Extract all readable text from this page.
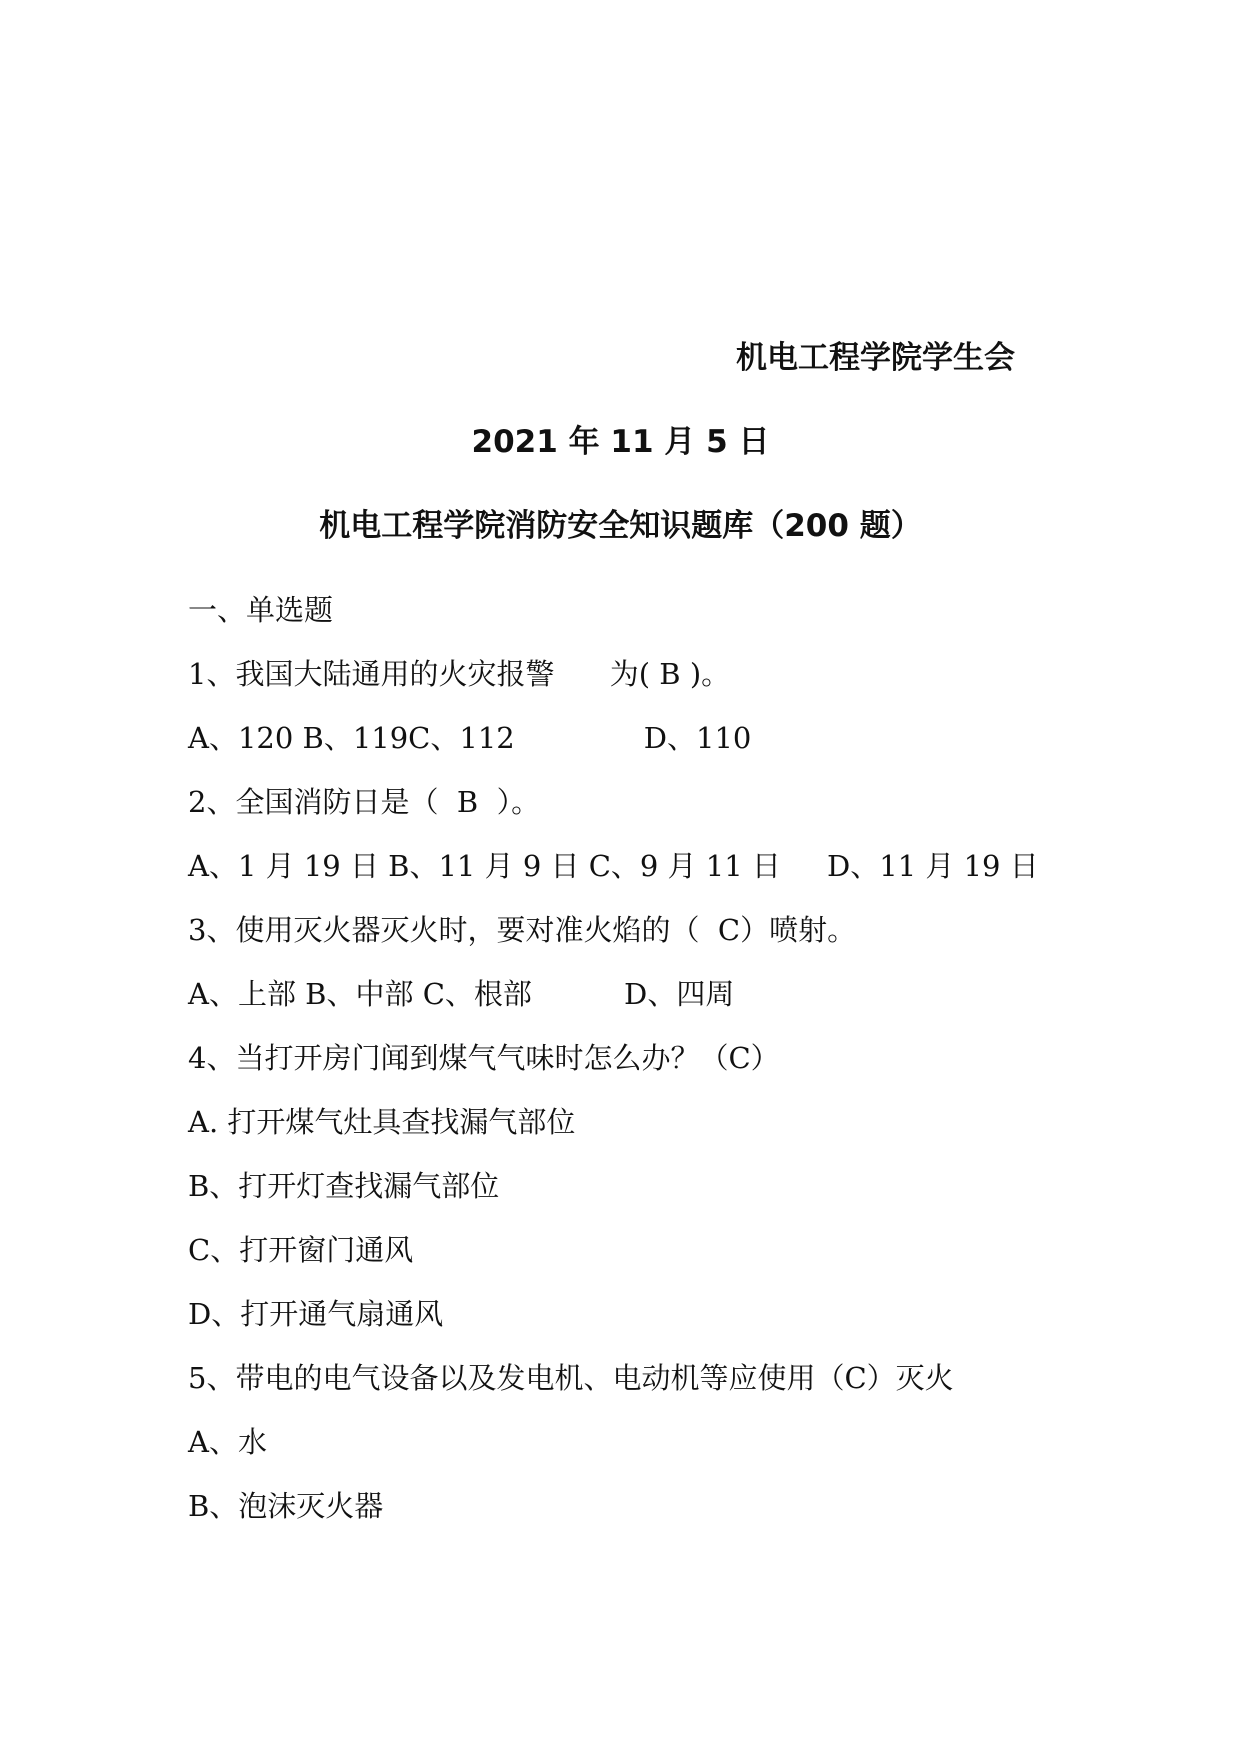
机电工程学院学生会
2021 年 11 月 5 日
机电工程学院消防安全知识题库（200 题）
一、单选题
1、我国大陆通用的火灾报警      为( B )。
A、120 B、119C、112              D、110
2、全国消防日是（  B  ）。
A、1 月 19 日 B、11 月 9 日 C、9 月 11 日     D、11 月 19 日
3、使用灭火器灭火时，要对准火焰的（  C）喷射。
A、上部 B、中部 C、根部          D、四周
4、当打开房门闻到煤气气味时怎么办？（C）
A. 打开煤气灶具查找漏气部位
B、打开灯查找漏气部位
C、打开窗门通风
D、打开通气扇通风
5、带电的电气设备以及发电机、电动机等应使用（C）灭火
A、水
B、泡沫灭火器
